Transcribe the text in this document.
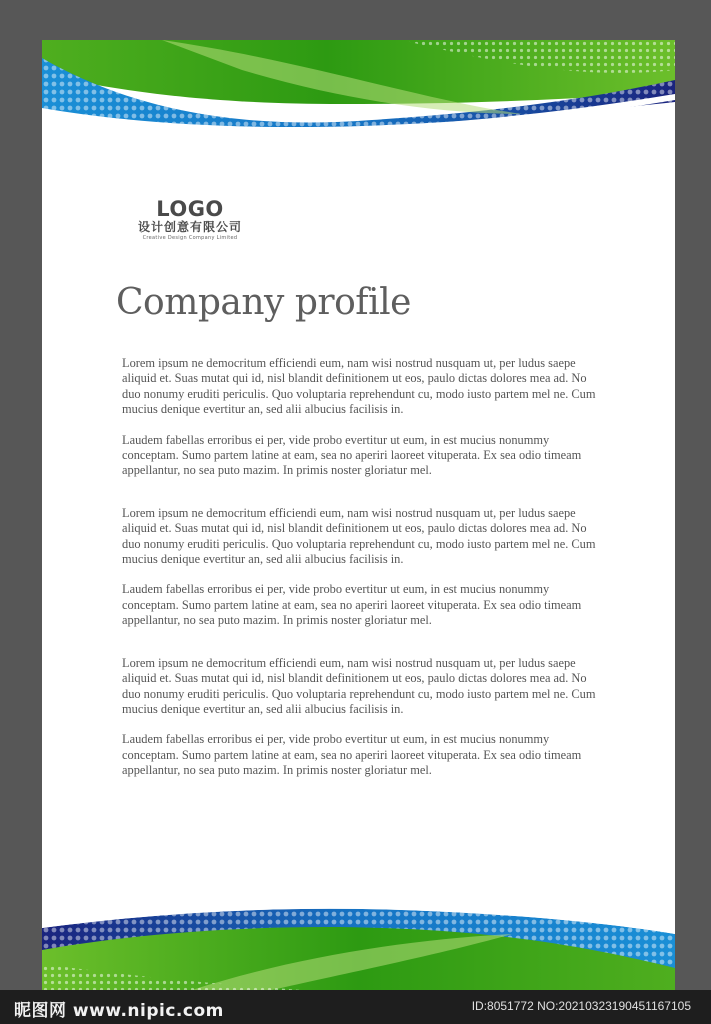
LOGO
设计创意有限公司
Creative Design Company Limited
Company profile

Lorem ipsum ne democritum efficiendi eum, nam wisi nostrud nusquam ut, per ludus saepe aliquid et. Suas mutat qui id, nisl blandit definitionem ut eos, paulo dictas dolores mea ad. No duo nonumy eruditi periculis. Quo voluptaria reprehendunt cu, modo iusto partem mel ne. Cum mucius denique evertitur an, sed alii albucius facilisis in.

Laudem fabellas erroribus ei per, vide probo evertitur ut eum, in est mucius nonummy conceptam. Sumo partem latine at eam, sea no aperiri laoreet vituperata. Ex sea odio timeam appellantur, no sea puto mazim. In primis noster gloriatur mel.

Lorem ipsum ne democritum efficiendi eum, nam wisi nostrud nusquam ut, per ludus saepe aliquid et. Suas mutat qui id, nisl blandit definitionem ut eos, paulo dictas dolores mea ad. No duo nonumy eruditi periculis. Quo voluptaria reprehendunt cu, modo iusto partem mel ne. Cum mucius denique evertitur an, sed alii albucius facilisis in.

Laudem fabellas erroribus ei per, vide probo evertitur ut eum, in est mucius nonummy conceptam. Sumo partem latine at eam, sea no aperiri laoreet vituperata. Ex sea odio timeam appellantur, no sea puto mazim. In primis noster gloriatur mel.

Lorem ipsum ne democritum efficiendi eum, nam wisi nostrud nusquam ut, per ludus saepe aliquid et. Suas mutat qui id, nisl blandit definitionem ut eos, paulo dictas dolores mea ad. No duo nonumy eruditi periculis. Quo voluptaria reprehendunt cu, modo iusto partem mel ne. Cum mucius denique evertitur an, sed alii albucius facilisis in.

Laudem fabellas erroribus ei per, vide probo evertitur ut eum, in est mucius nonummy conceptam. Sumo partem latine at eam, sea no aperiri laoreet vituperata. Ex sea odio timeam appellantur, no sea puto mazim. In primis noster gloriatur mel.

昵图网 www.nipic.com	ID:8051772 NO:20210323190451167105
